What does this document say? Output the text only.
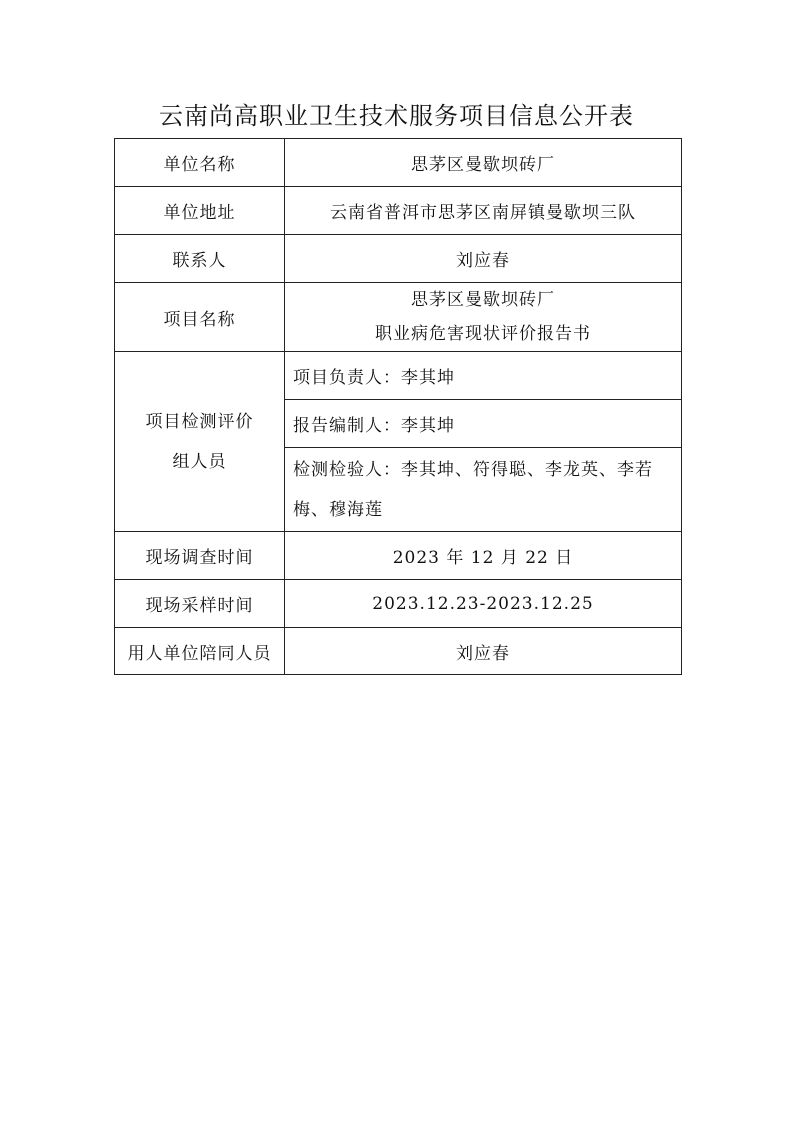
云南尚高职业卫生技术服务项目信息公开表
单位名称	思茅区曼歇坝砖厂
单位地址	云南省普洱市思茅区南屏镇曼歇坝三队
联系人	刘应春
项目名称	思茅区曼歇坝砖厂
职业病危害现状评价报告书

项目检测评价
组人员	项目负责人：李其坤
	报告编制人：李其坤

	检测检验人：李其坤、符得聪、李龙英、李若梅、穆海莲

现场调查时间	2023 年 12 月 22 日
现场采样时间	2023.12.23-2023.12.25
用人单位陪同人员	刘应春
